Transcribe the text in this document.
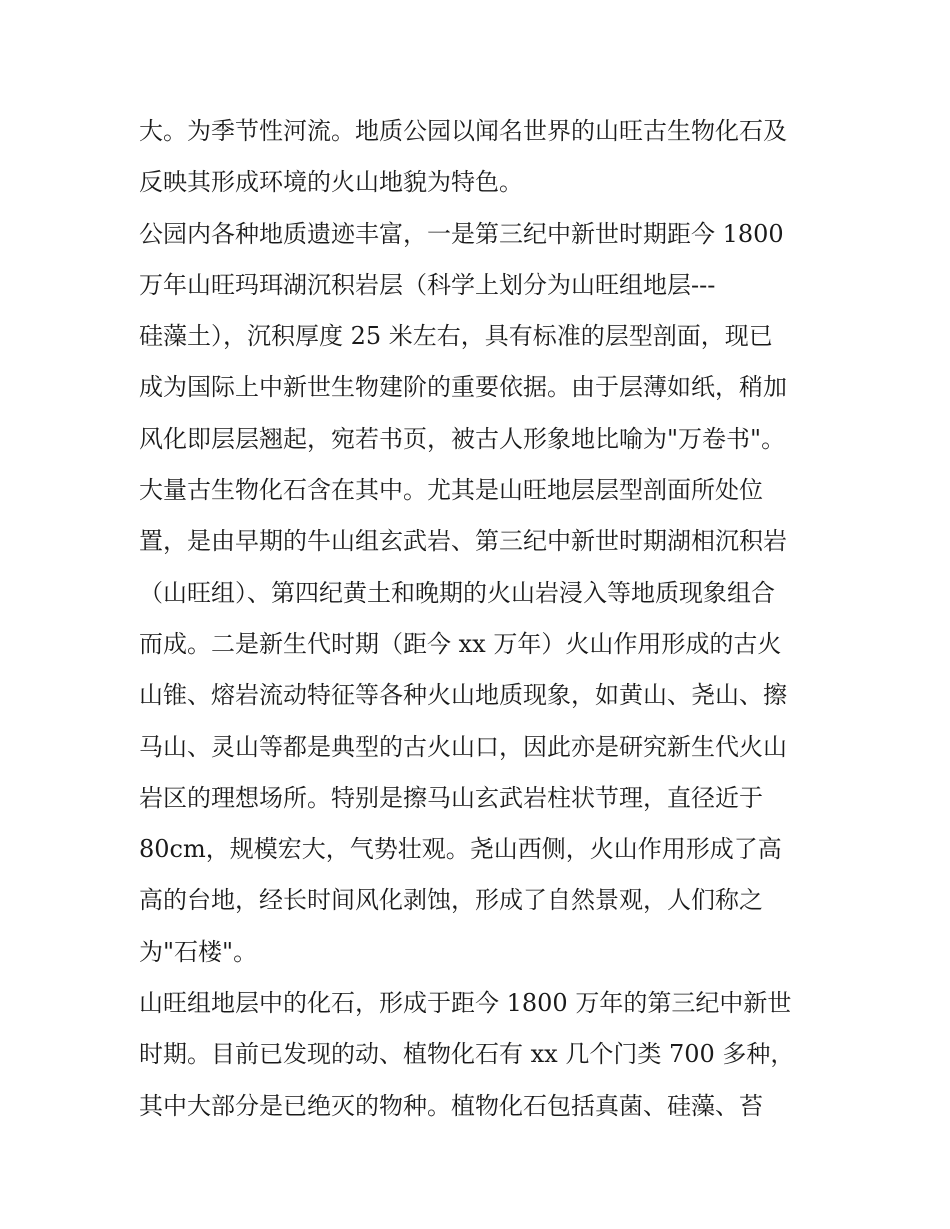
大。为季节性河流。地质公园以闻名世界的山旺古生物化石及
反映其形成环境的火山地貌为特色。
公园内各种地质遗迹丰富，一是第三纪中新世时期距今 1800
万年山旺玛珥湖沉积岩层（科学上划分为山旺组地层---
硅藻土），沉积厚度 25 米左右，具有标准的层型剖面，现已
成为国际上中新世生物建阶的重要依据。由于层薄如纸，稍加
风化即层层翘起，宛若书页，被古人形象地比喻为"万卷书"。
大量古生物化石含在其中。尤其是山旺地层层型剖面所处位
置，是由早期的牛山组玄武岩、第三纪中新世时期湖相沉积岩
（山旺组）、第四纪黄土和晚期的火山岩浸入等地质现象组合
而成。二是新生代时期（距今 xx 万年）火山作用形成的古火
山锥、熔岩流动特征等各种火山地质现象，如黄山、尧山、擦
马山、灵山等都是典型的古火山口，因此亦是研究新生代火山
岩区的理想场所。特别是擦马山玄武岩柱状节理，直径近于
80cm，规模宏大，气势壮观。尧山西侧，火山作用形成了高
高的台地，经长时间风化剥蚀，形成了自然景观，人们称之
为"石楼"。
山旺组地层中的化石，形成于距今 1800 万年的第三纪中新世
时期。目前已发现的动、植物化石有 xx 几个门类 700 多种，
其中大部分是已绝灭的物种。植物化石包括真菌、硅藻、苔
